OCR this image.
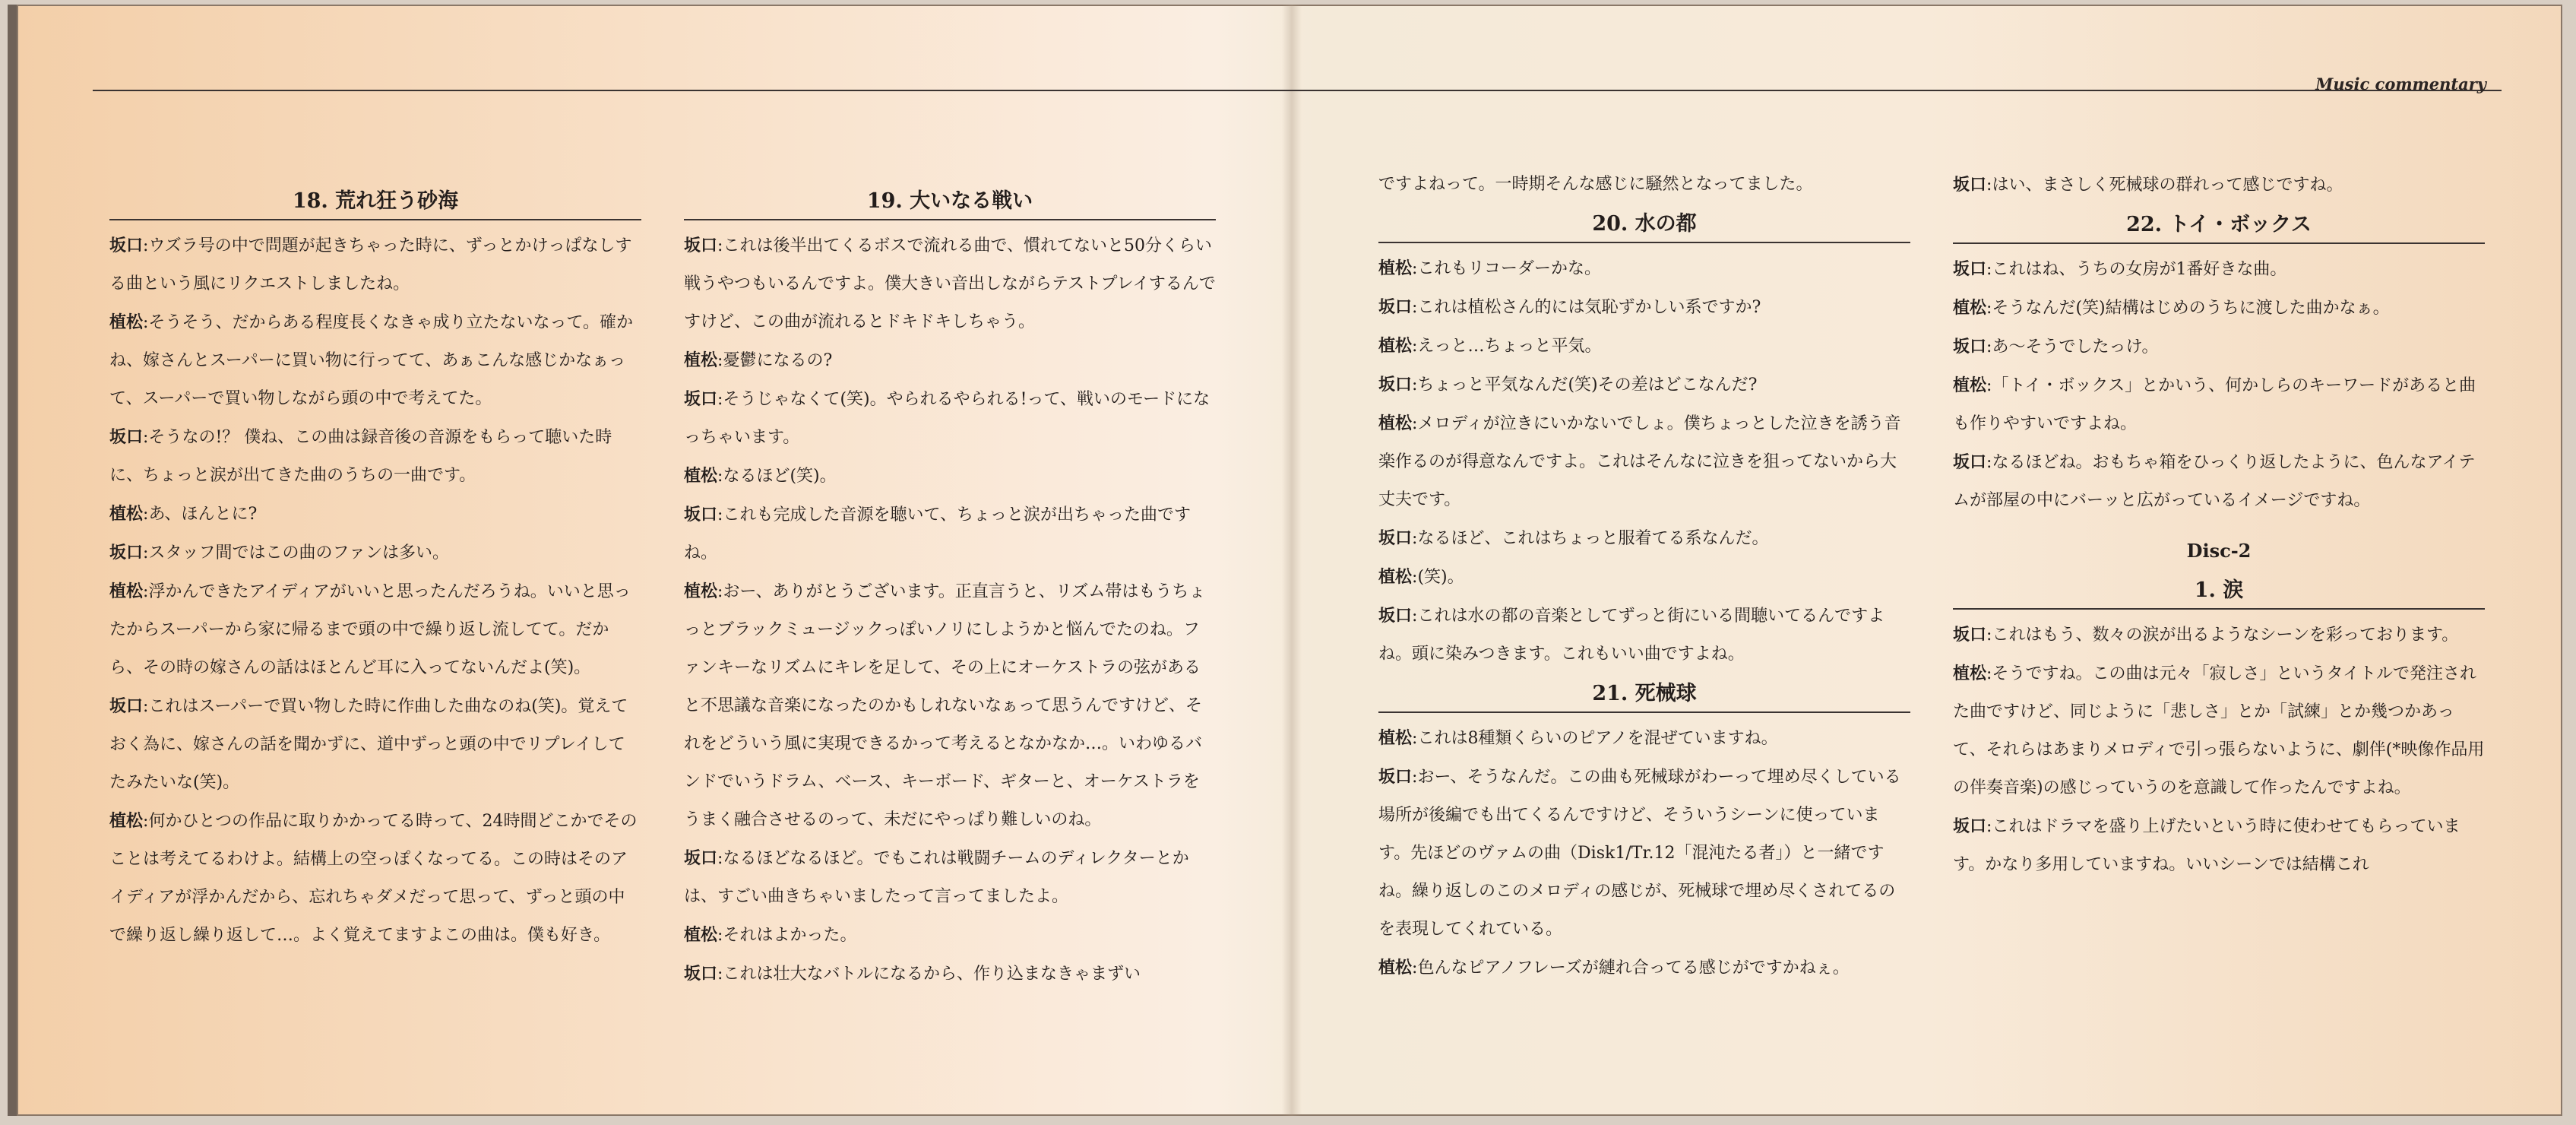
Music commentary
18. 荒れ狂う砂海

坂口:ウズラ号の中で問題が起きちゃった時に、ずっとかけっぱなしする曲という風にリクエストしましたね。

植松:そうそう、だからある程度長くなきゃ成り立たないなって。確かね、嫁さんとスーパーに買い物に行ってて、あぁこんな感じかなぁって、スーパーで買い物しながら頭の中で考えてた。

坂口:そうなの!？ 僕ね、この曲は録音後の音源をもらって聴いた時に、ちょっと涙が出てきた曲のうちの一曲です。

植松:あ、ほんとに?

坂口:スタッフ間ではこの曲のファンは多い。

植松:浮かんできたアイディアがいいと思ったんだろうね。いいと思ったからスーパーから家に帰るまで頭の中で繰り返し流してて。だから、その時の嫁さんの話はほとんど耳に入ってないんだよ(笑)。

坂口:これはスーパーで買い物した時に作曲した曲なのね(笑)。覚えておく為に、嫁さんの話を聞かずに、道中ずっと頭の中でリプレイしてたみたいな(笑)。

植松:何かひとつの作品に取りかかってる時って、24時間どこかでそのことは考えてるわけよ。結構上の空っぽくなってる。この時はそのアイディアが浮かんだから、忘れちゃダメだって思って、ずっと頭の中で繰り返し繰り返して…。よく覚えてますよこの曲は。僕も好き。

19. 大いなる戦い

坂口:これは後半出てくるボスで流れる曲で、慣れてないと50分くらい戦うやつもいるんですよ。僕大きい音出しながらテストプレイするんですけど、この曲が流れるとドキドキしちゃう。

植松:憂鬱になるの?

坂口:そうじゃなくて(笑)。やられるやられる!って、戦いのモードになっちゃいます。

植松:なるほど(笑)。

坂口:これも完成した音源を聴いて、ちょっと涙が出ちゃった曲ですね。

植松:おー、ありがとうございます。正直言うと、リズム帯はもうちょっとブラックミュージックっぽいノリにしようかと悩んでたのね。ファンキーなリズムにキレを足して、その上にオーケストラの弦があると不思議な音楽になったのかもしれないなぁって思うんですけど、それをどういう風に実現できるかって考えるとなかなか…。いわゆるバンドでいうドラム、ベース、キーボード、ギターと、オーケストラをうまく融合させるのって、未だにやっぱり難しいのね。

坂口:なるほどなるほど。でもこれは戦闘チームのディレクターとかは、すごい曲きちゃいましたって言ってましたよ。

植松:それはよかった。

坂口:これは壮大なバトルになるから、作り込まなきゃまずい

ですよねって。一時期そんな感じに騒然となってました。

20. 水の都

植松:これもリコーダーかな。

坂口:これは植松さん的には気恥ずかしい系ですか?

植松:えっと…ちょっと平気。

坂口:ちょっと平気なんだ(笑)その差はどこなんだ?

植松:メロディが泣きにいかないでしょ。僕ちょっとした泣きを誘う音楽作るのが得意なんですよ。これはそんなに泣きを狙ってないから大丈夫です。

坂口:なるほど、これはちょっと服着てる系なんだ。

植松:(笑)。

坂口:これは水の都の音楽としてずっと街にいる間聴いてるんですよね。頭に染みつきます。これもいい曲ですよね。

21. 死械球

植松:これは8種類くらいのピアノを混ぜていますね。

坂口:おー、そうなんだ。この曲も死械球がわーって埋め尽くしている場所が後編でも出てくるんですけど、そういうシーンに使っています。先ほどのヴァムの曲（Disk1/Tr.12「混沌たる者」）と一緒ですね。繰り返しのこのメロディの感じが、死械球で埋め尽くされてるのを表現してくれている。

植松:色んなピアノフレーズが縺れ合ってる感じがですかねぇ。

坂口:はい、まさしく死械球の群れって感じですね。

22. トイ・ボックス

坂口:これはね、うちの女房が1番好きな曲。

植松:そうなんだ(笑)結構はじめのうちに渡した曲かなぁ。

坂口:あ～そうでしたっけ。

植松:「トイ・ボックス」とかいう、何かしらのキーワードがあると曲も作りやすいですよね。

坂口:なるほどね。おもちゃ箱をひっくり返したように、色んなアイテムが部屋の中にバーッと広がっているイメージですね。

Disc-2
1. 涙

坂口:これはもう、数々の涙が出るようなシーンを彩っております。

植松:そうですね。この曲は元々「寂しさ」というタイトルで発注された曲ですけど、同じように「悲しさ」とか「試練」とか幾つかあって、それらはあまりメロディで引っ張らないように、劇伴(*映像作品用の伴奏音楽)の感じっていうのを意識して作ったんですよね。

坂口:これはドラマを盛り上げたいという時に使わせてもらっています。かなり多用していますね。いいシーンでは結構これ
